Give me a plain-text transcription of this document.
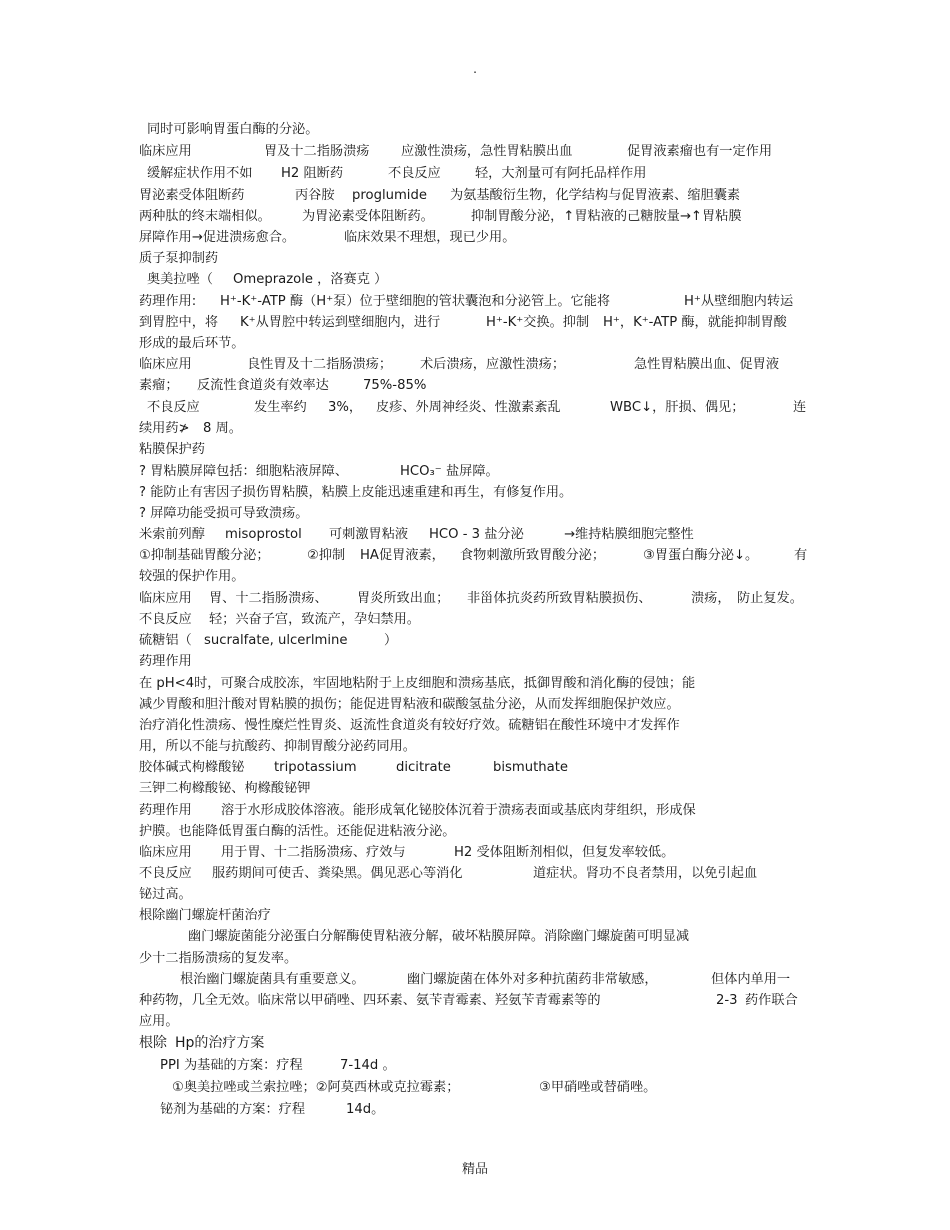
.
同时可影响胃蛋白酶的分泌。
临床应用	胃及十二指肠溃疡 应激性溃疡，急性胃粘膜出血	促胃液素瘤也有一定作用
缓解症状作用不如 H2 阻断药	不良反应	轻，大剂量可有阿托品样作用
胃泌素受体阻断药	丙谷胺 proglumide 为氨基酸衍生物，化学结构与促胃液素、缩胆囊素
两种肽的终末端相似。 为胃泌素受体阻断药。	抑制胃酸分泌，↑胃粘液的己糖胺量→↑胃粘膜
屏障作用→促进溃疡愈合。	临床效果不理想，现已少用。
质子泵抑制药
奥美拉唑（ Omeprazole ，洛赛克 ）
药理作用: H⁺-K⁺-ATP 酶（H⁺泵）位于壁细胞的管状囊泡和分泌管上。它能将	H⁺从壁细胞内转运
到胃腔中，将 K⁺从胃腔中转运到壁细胞内，进行	H⁺-K⁺交换。抑制 H⁺，K⁺-ATP 酶，就能抑制胃酸
形成的最后环节。
临床应用	良性胃及十二指肠溃疡； 术后溃疡，应激性溃疡；	急性胃粘膜出血、促胃液
素瘤； 反流性食道炎有效率达	75%-85%
不良反应	发生率约 3%， 皮疹、外周神经炎、性激素紊乱	WBC↓，肝损、偶见；	连
续用药≯ 8 周。
粘膜保护药
? 胃粘膜屏障包括：细胞粘液屏障、	HCO₃⁻ 盐屏障。
? 能防止有害因子损伤胃粘膜，粘膜上皮能迅速重建和再生，有修复作用。
? 屏障功能受损可导致溃疡。
米索前列醇 misoprostol 可刺激胃粘液 HCO - 3 盐分泌	→维持粘膜细胞完整性
①抑制基础胃酸分泌；	②抑制 HA促胃液素， 食物刺激所致胃酸分泌；	③胃蛋白酶分泌↓。	有
较强的保护作用。
临床应用 胃、十二指肠溃疡、 胃炎所致出血； 非甾体抗炎药所致胃粘膜损伤、	溃疡， 防止复发。
不良反应 轻；兴奋子宫，致流产，孕妇禁用。
硫糖铝（ sucralfate, ulcerlmine	）
药理作用
在 pH<4时，可聚合成胶冻，牢固地粘附于上皮细胞和溃疡基底，抵御胃酸和消化酶的侵蚀；能
减少胃酸和胆汁酸对胃粘膜的损伤；能促进胃粘液和碳酸氢盐分泌，从而发挥细胞保护效应。
治疗消化性溃疡、慢性糜烂性胃炎、返流性食道炎有较好疗效。硫糖铝在酸性环境中才发挥作
用，所以不能与抗酸药、抑制胃酸分泌药同用。
胶体碱式枸橼酸铋 tripotassium	dicitrate	bismuthate
三钾二枸橼酸铋、枸橼酸铋钾
药理作用 溶于水形成胶体溶液。能形成氧化铋胶体沉着于溃疡表面或基底肉芽组织，形成保
护膜。也能降低胃蛋白酶的活性。还能促进粘液分泌。
临床应用 用于胃、十二指肠溃疡、疗效与	H2 受体阻断剂相似，但复发率较低。
不良反应 服药期间可使舌、粪染黑。偶见恶心等消化	道症状。肾功不良者禁用，以免引起血
铋过高。
根除幽门螺旋杆菌治疗
幽门螺旋菌能分泌蛋白分解酶使胃粘液分解，破坏粘膜屏障。消除幽门螺旋菌可明显减
少十二指肠溃疡的复发率。
根治幽门螺旋菌具有重要意义。	幽门螺旋菌在体外对多种抗菌药非常敏感，	但体内单用一
种药物，几全无效。临床常以甲硝唑、四环素、氨苄青霉素、羟氨苄青霉素等的	2-3 药作联合
应用。
根除 Hp的治疗方案
PPI 为基础的方案：疗程	7-14d 。
①奥美拉唑或兰索拉唑；②阿莫西林或克拉霉素；	③甲硝唑或替硝唑。
铋剂为基础的方案：疗程	14d。
精品
